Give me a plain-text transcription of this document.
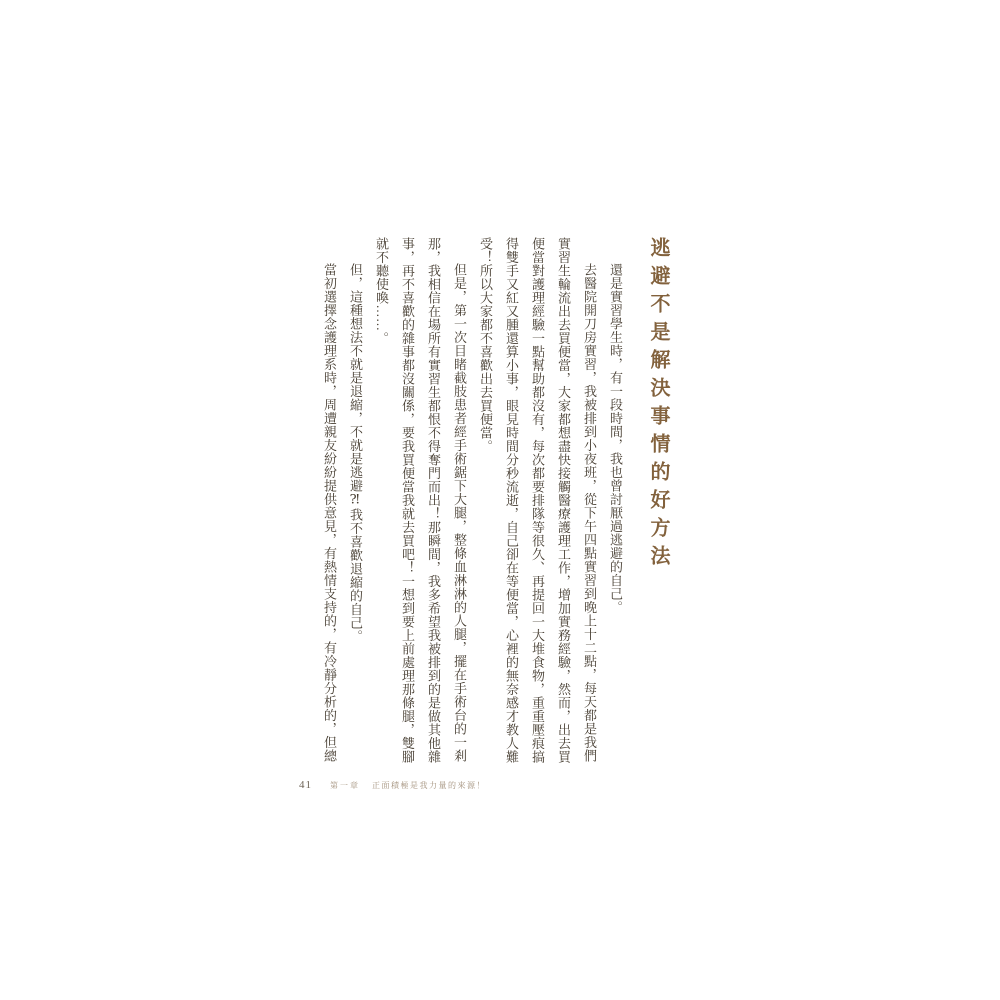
逃避不是解決事情的好方法

還是實習學生時，有一段時間，我也曾討厭過逃避的自己。

去醫院開刀房實習，我被排到小夜班，從下午四點實習到晚上十二點，每天都是我們實習生輪流出去買便當，大家都想盡快接觸醫療護理工作，增加實務經驗，然而，出去買便當對護理經驗一點幫助都沒有，每次都要排隊等很久、再提回一大堆食物，重重壓痕搞得雙手又紅又腫還算小事，眼見時間分秒流逝，自己卻在等便當，心裡的無奈感才教人難受！所以大家都不喜歡出去買便當。

但是，第一次目睹截肢患者經手術鋸下大腿，整條血淋淋的人腿，擺在手術台的一剎那，我相信在場所有實習生都恨不得奪門而出！那瞬間，我多希望我被排到的是做其他雜事，再不喜歡的雜事都沒關係，要我買便當我就去買吧！一想到要上前處理那條腿，雙腳就不聽使喚……。

但，這種想法不就是退縮，不就是逃避⁈我不喜歡退縮的自己。

當初選擇念護理系時，周遭親友紛紛提供意見，有熱情支持的，有冷靜分析的，但總

41 第一章 正面積極是我力量的來源！
